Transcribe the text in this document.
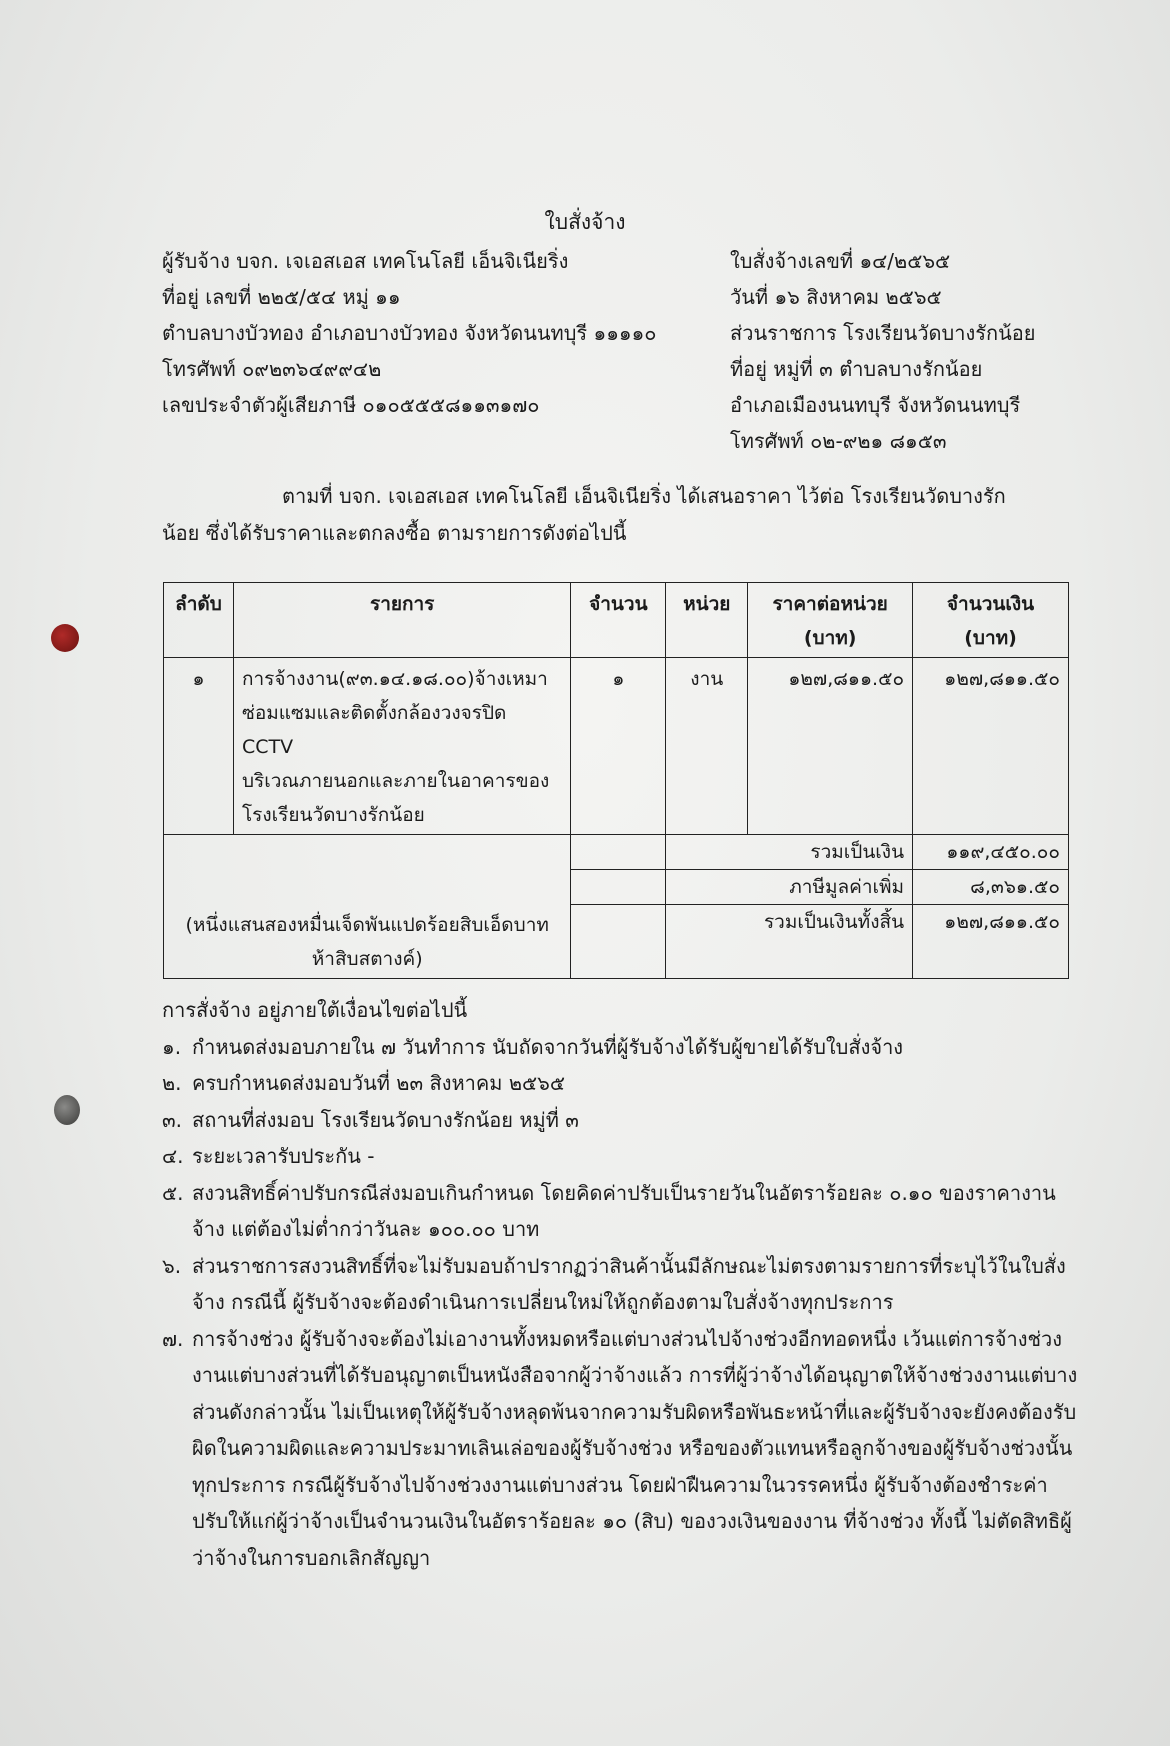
ใบสั่งจ้าง
ผู้รับจ้าง บจก. เจเอสเอส เทคโนโลยี เอ็นจิเนียริ่ง
ที่อยู่ เลขที่ ๒๒๕/๕๔ หมู่ ๑๑
ตำบลบางบัวทอง อำเภอบางบัวทอง จังหวัดนนทบุรี ๑๑๑๑๐
โทรศัพท์ ๐๙๒๓๖๔๙๙๔๒
เลขประจำตัวผู้เสียภาษี ๐๑๐๕๕๕๘๑๑๓๑๗๐
ใบสั่งจ้างเลขที่ ๑๔/๒๕๖๕
วันที่ ๑๖ สิงหาคม ๒๕๖๕
ส่วนราชการ โรงเรียนวัดบางรักน้อย
ที่อยู่ หมู่ที่ ๓ ตำบลบางรักน้อย
อำเภอเมืองนนทบุรี จังหวัดนนทบุรี
โทรศัพท์ ๐๒-๙๒๑ ๘๑๕๓
ตามที่ บจก. เจเอสเอส เทคโนโลยี เอ็นจิเนียริ่ง ได้เสนอราคา ไว้ต่อ โรงเรียนวัดบางรักน้อย ซึ่งได้รับราคาและตกลงซื้อ ตามรายการดังต่อไปนี้
ลำดับ	รายการ	จำนวน	หน่วย	ราคาต่อหน่วย
(บาท)	จำนวนเงิน
(บาท)
๑	การจ้างงาน(๙๓.๑๔.๑๘.๐๐)จ้างเหมา
ซ่อมแซมและติดตั้งกล้องวงจรปิด CCTV
บริเวณภายนอกและภายในอาคารของ
โรงเรียนวัดบางรักน้อย	๑	งาน	๑๒๗,๘๑๑.๕๐	๑๒๗,๘๑๑.๕๐

(หนึ่งแสนสองหมื่นเจ็ดพันแปดร้อยสิบเอ็ดบาท
ห้าสิบสตางค์)			รวมเป็นเงิน		๑๑๙,๔๕๐.๐๐
			ภาษีมูลค่าเพิ่ม		๘,๓๖๑.๕๐
			รวมเป็นเงินทั้งสิ้น		๑๒๗,๘๑๑.๕๐
การสั่งจ้าง อยู่ภายใต้เงื่อนไขต่อไปนี้
๑. กำหนดส่งมอบภายใน ๗ วันทำการ นับถัดจากวันที่ผู้รับจ้างได้รับผู้ขายได้รับใบสั่งจ้าง
๒. ครบกำหนดส่งมอบวันที่ ๒๓ สิงหาคม ๒๕๖๕
๓. สถานที่ส่งมอบ โรงเรียนวัดบางรักน้อย หมู่ที่ ๓
๔. ระยะเวลารับประกัน -
๕. สงวนสิทธิ์ค่าปรับกรณีส่งมอบเกินกำหนด โดยคิดค่าปรับเป็นรายวันในอัตราร้อยละ ๐.๑๐ ของราคางานจ้าง แต่ต้องไม่ต่ำกว่าวันละ ๑๐๐.๐๐ บาท
๖. ส่วนราชการสงวนสิทธิ์ที่จะไม่รับมอบถ้าปรากฏว่าสินค้านั้นมีลักษณะไม่ตรงตามรายการที่ระบุไว้ในใบสั่งจ้าง กรณีนี้ ผู้รับจ้างจะต้องดำเนินการเปลี่ยนใหม่ให้ถูกต้องตามใบสั่งจ้างทุกประการ
๗. การจ้างช่วง ผู้รับจ้างจะต้องไม่เอางานทั้งหมดหรือแต่บางส่วนไปจ้างช่วงอีกทอดหนึ่ง เว้นแต่การจ้างช่วงงานแต่บางส่วนที่ได้รับอนุญาตเป็นหนังสือจากผู้ว่าจ้างแล้ว การที่ผู้ว่าจ้างได้อนุญาตให้จ้างช่วงงานแต่บางส่วนดังกล่าวนั้น ไม่เป็นเหตุให้ผู้รับจ้างหลุดพ้นจากความรับผิดหรือพันธะหน้าที่และผู้รับจ้างจะยังคงต้องรับผิดในความผิดและความประมาทเลินเล่อของผู้รับจ้างช่วง หรือของตัวแทนหรือลูกจ้างของผู้รับจ้างช่วงนั้นทุกประการ กรณีผู้รับจ้างไปจ้างช่วงงานแต่บางส่วน โดยฝ่าฝืนความในวรรคหนึ่ง ผู้รับจ้างต้องชำระค่าปรับให้แก่ผู้ว่าจ้างเป็นจำนวนเงินในอัตราร้อยละ ๑๐ (สิบ) ของวงเงินของงาน ที่จ้างช่วง ทั้งนี้ ไม่ตัดสิทธิผู้ว่าจ้างในการบอกเลิกสัญญา
